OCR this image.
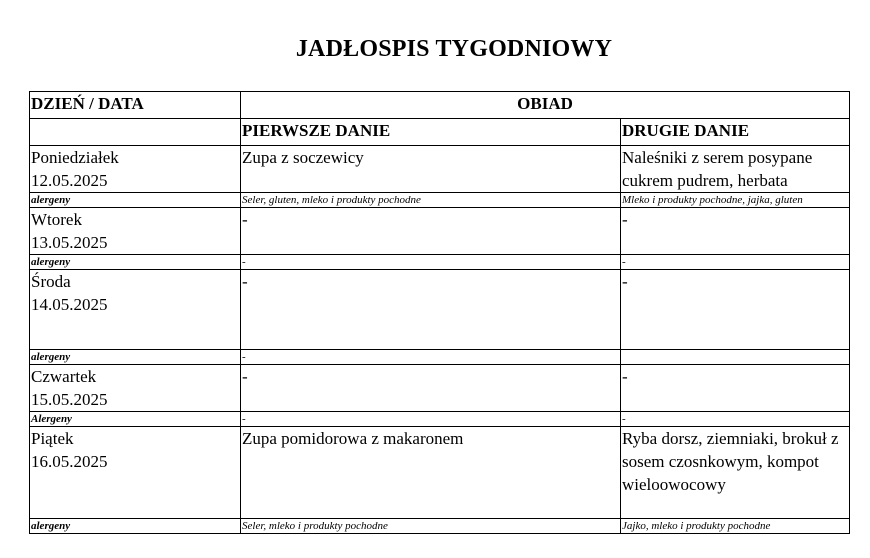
JADŁOSPIS TYGODNIOWY
DZIEŃ / DATA	OBIAD	
	PIERWSZE DANIE	DRUGIE DANIE

Poniedziałek
12.05.2025	Zupa z soczewicy	Naleśniki z serem posypane cukrem pudrem, herbata
alergeny	Seler, gluten, mleko i produkty pochodne	Mleko i produkty pochodne, jajka, gluten

Wtorek
13.05.2025	-	-
alergeny	-	-

Środa
14.05.2025	-	-
alergeny	-	

Czwartek
15.05.2025	-	-
Alergeny	-	-

Piątek
16.05.2025	Zupa pomidorowa z makaronem	Ryba dorsz, ziemniaki, brokuł z sosem czosnkowym, kompot wieloowocowy
alergeny	Seler, mleko i produkty pochodne	Jajko, mleko i produkty pochodne
